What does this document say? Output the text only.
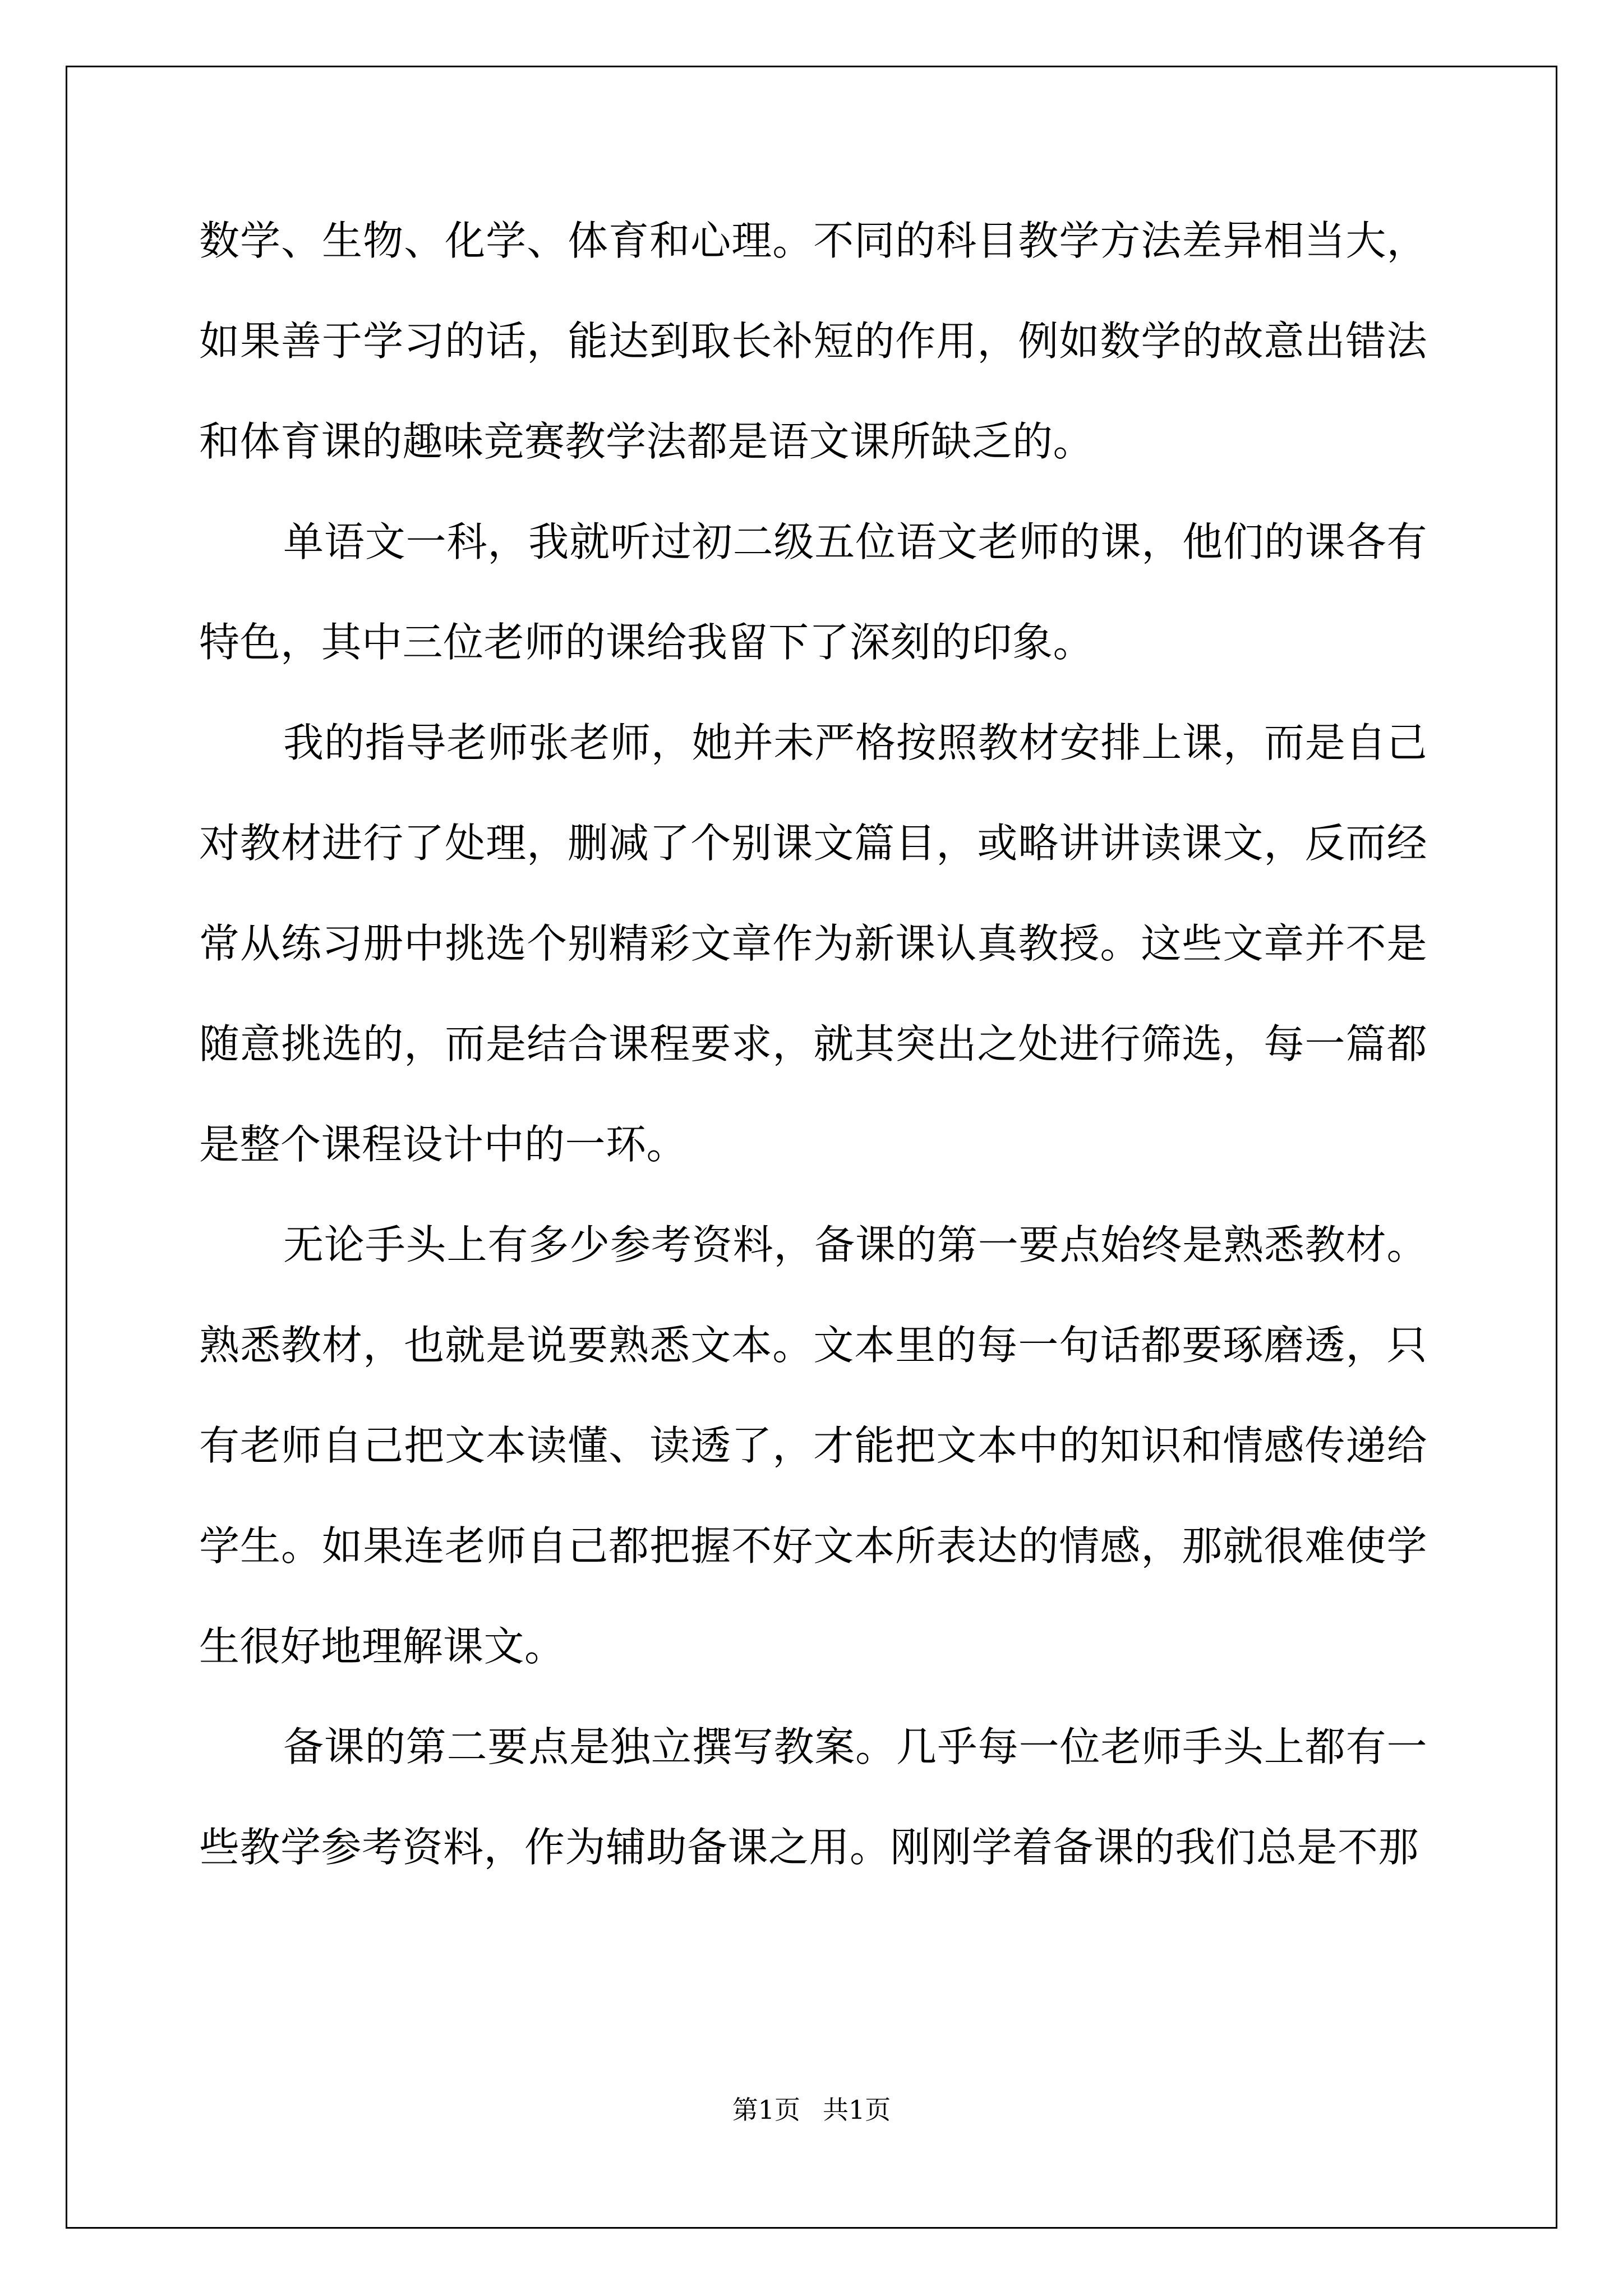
数学、生物、化学、体育和心理。不同的科目教学方法差异相当大，如果善于学习的话，能达到取长补短的作用，例如数学的故意出错法和体育课的趣味竞赛教学法都是语文课所缺乏的。

单语文一科，我就听过初二级五位语文老师的课，他们的课各有特色，其中三位老师的课给我留下了深刻的印象。

我的指导老师张老师，她并未严格按照教材安排上课，而是自己对教材进行了处理，删减了个别课文篇目，或略讲讲读课文，反而经常从练习册中挑选个别精彩文章作为新课认真教授。这些文章并不是随意挑选的，而是结合课程要求，就其突出之处进行筛选，每一篇都是整个课程设计中的一环。

无论手头上有多少参考资料，备课的第一要点始终是熟悉教材。熟悉教材，也就是说要熟悉文本。文本里的每一句话都要琢磨透，只有老师自己把文本读懂、读透了，才能把文本中的知识和情感传递给学生。如果连老师自己都把握不好文本所表达的情感，那就很难使学生很好地理解课文。

备课的第二要点是独立撰写教案。几乎每一位老师手头上都有一些教学参考资料，作为辅助备课之用。刚刚学着备课的我们总是不那

第1页 共1页
